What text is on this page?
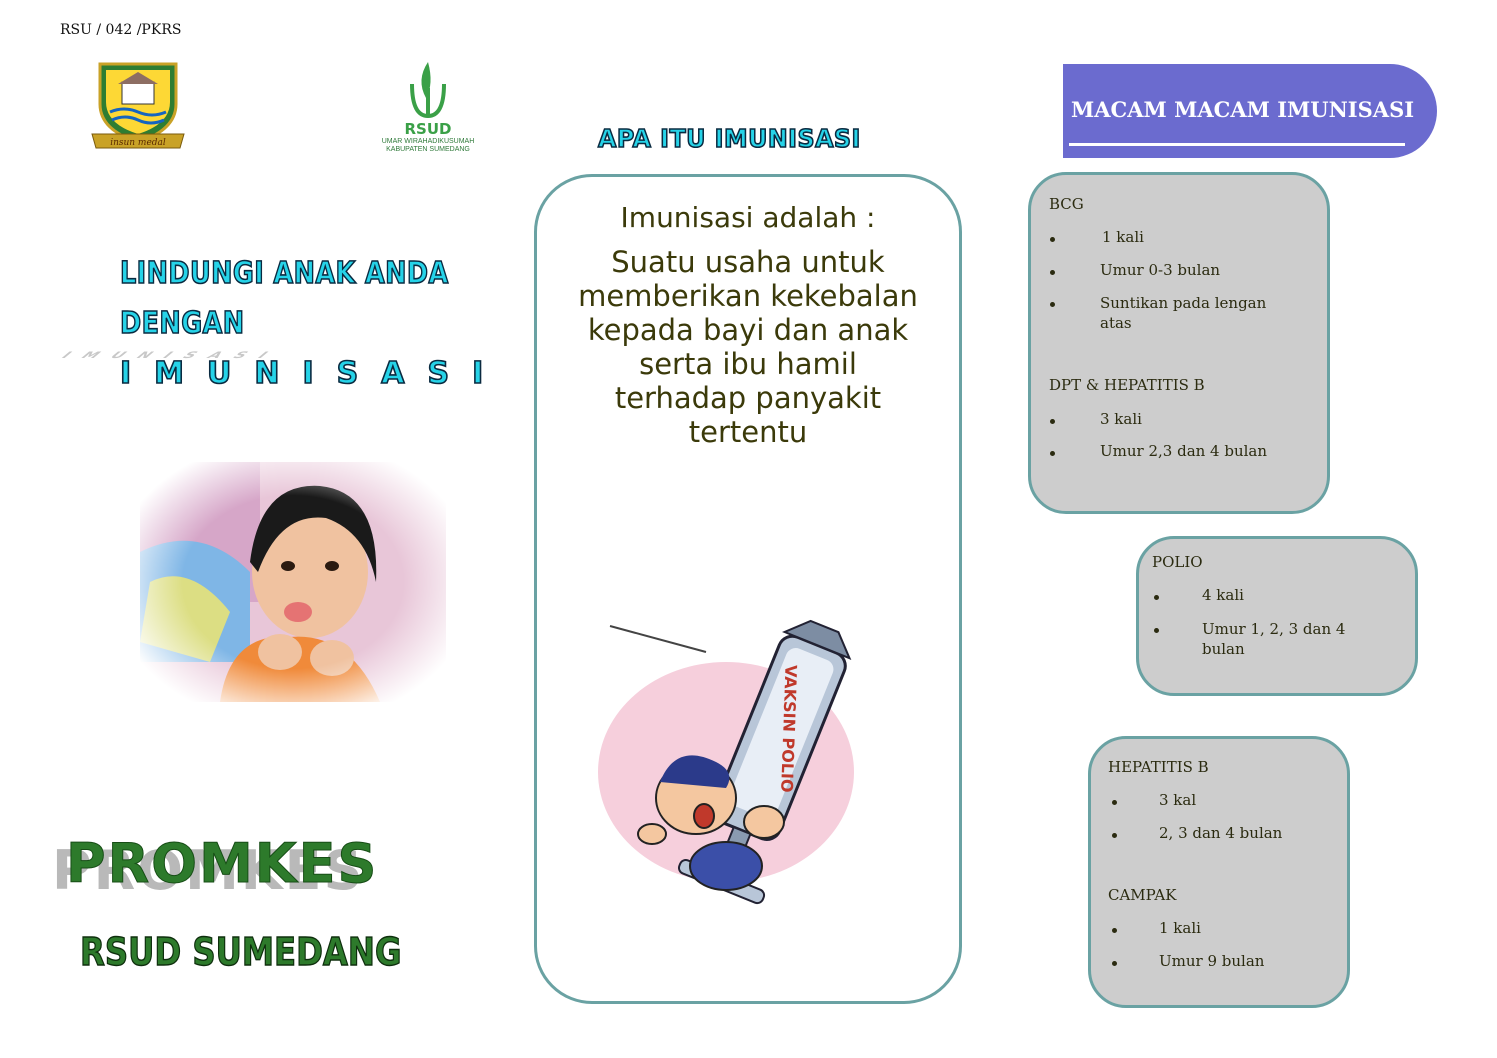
RSU / 042 /PKRS
insun medal
RSUD
UMAR WIRAHADIKUSUMAH
KABUPATEN SUMEDANG
LINDUNGI ANAK ANDA
DENGAN
IMUNISASI
IMUNISASI
PROMKES
RSUD SUMEDANG
APA ITU IMUNISASI
Imunisasi adalah :
Suatu usaha untuk
memberikan kekebalan
kepada bayi dan anak
serta ibu hamil
terhadap panyakit
tertentu
VAKSIN POLIO
MACAM MACAM IMUNISASI
BCG
1 kali
Umur 0-3 bulan
Suntikan pada lengan atas
DPT & HEPATITIS B
3 kali
Umur 2,3 dan 4 bulan
POLIO
4 kali
Umur 1, 2, 3 dan 4 bulan
HEPATITIS B
3 kal
2, 3 dan 4 bulan
CAMPAK
1 kali
Umur 9 bulan
